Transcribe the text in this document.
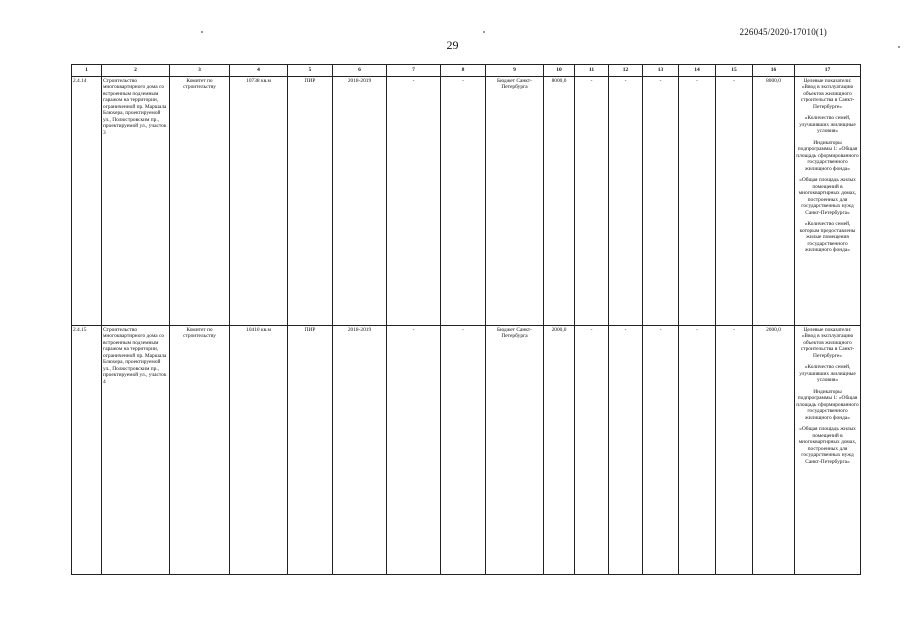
226045/2020-17010(1)
29
1	2	3	4	5	6	7	8	9	10	11	12	13	14	15	16	17
2.4.14	Строительство многоквартирного дома со встроенным подземным гаражом на территории, ограниченной пр. Маршала Блюхера, проектируемой ул., Полюстровским пр., проектируемой ул., участок 3	Комитет по строительству	10738 кв.м	ПИР	2018-2019	-	-	Бюджет Санкт-Петербурга	8000,0	-	-	-	-	-	8000,0	Целевые показатели: «Ввод в эксплуатацию объектов жилищного строительства в Санкт-Петербурге»

«Количество семей, улучшивших жилищные условия»

Индикаторы подпрограммы 1: «Общая площадь сформированного государственного жилищного фонда»

«Общая площадь жилых помещений в многоквартирных домах, построенных для государственных нужд Санкт-Петербурга»

«Количество семей, которым предоставлены жилые помещения государственного жилищного фонда»

2.4.15	Строительство многоквартирного дома со встроенным подземным гаражом на территории, ограниченной пр. Маршала Блюхера, проектируемой ул., Полюстровским пр., проектируемой ул., участок 4	Комитет по строительству	10410 кв.м	ПИР	2018-2019	-	-	Бюджет Санкт-Петербурга	2000,0	-	-	-	-	-	2000,0	Целевые показатели: «Ввод в эксплуатацию объектов жилищного строительства в Санкт-Петербурге»

«Количество семей, улучшивших жилищные условия»

Индикаторы подпрограммы 1: «Общая площадь сформированного государственного жилищного фонда»

«Общая площадь жилых помещений в многоквартирных домах, построенных для государственных нужд Санкт-Петербурга»
